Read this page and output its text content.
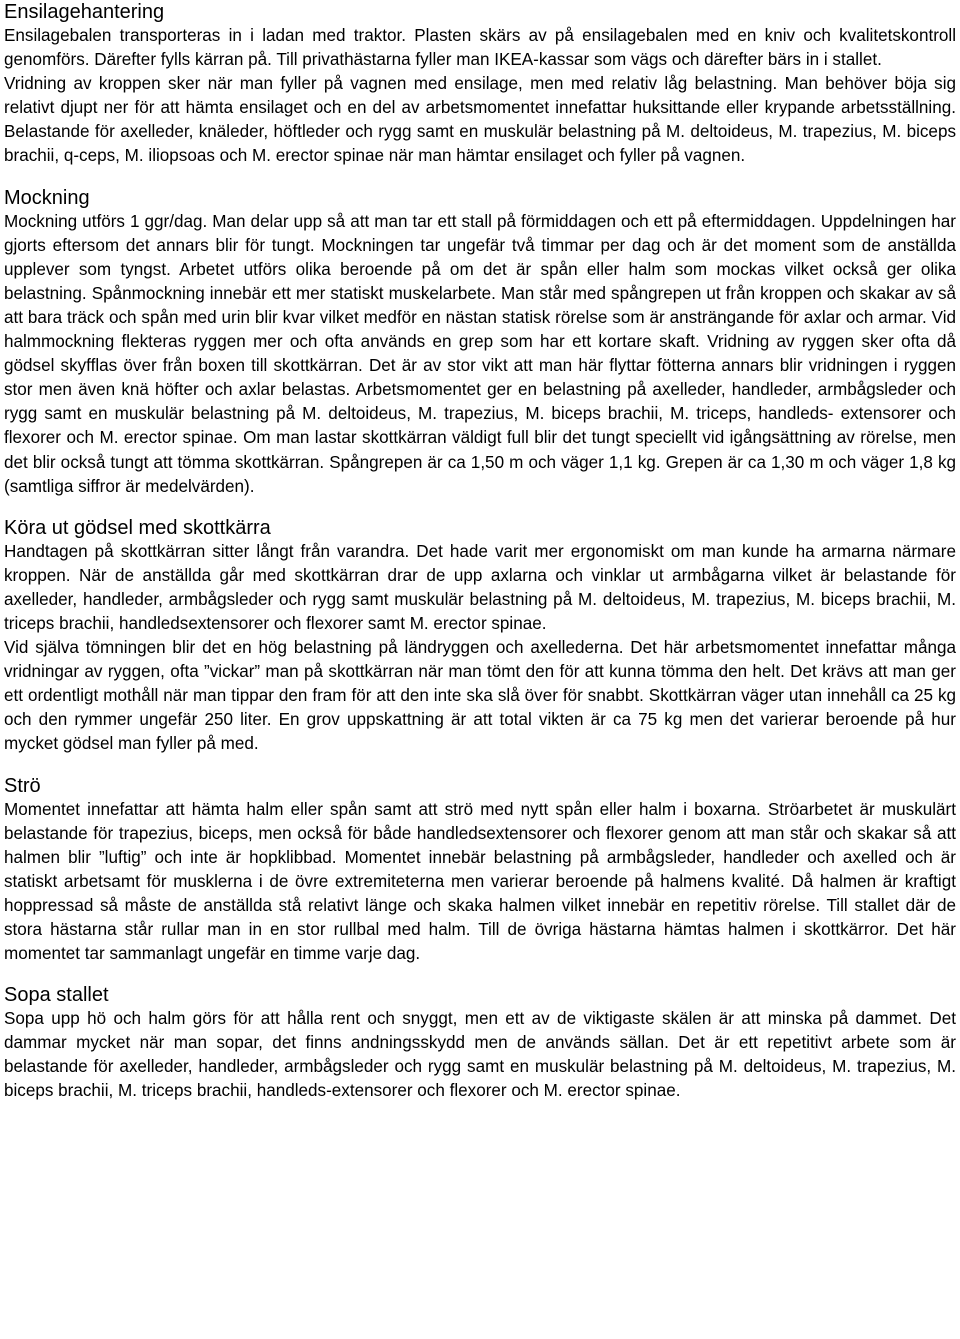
Ensilagehantering

Ensilagebalen transporteras in i ladan med traktor. Plasten skärs av på ensilagebalen med en kniv och kvalitetskontroll genomförs. Därefter fylls kärran på. Till privathästarna fyller man IKEA-kassar som vägs och därefter bärs in i stallet.

Vridning av kroppen sker när man fyller på vagnen med ensilage, men med relativ låg belastning. Man behöver böja sig relativt djupt ner för att hämta ensilaget och en del av arbetsmomentet innefattar huksittande eller krypande arbetsställning. Belastande för axelleder, knäleder, höftleder och rygg samt en muskulär belastning på M. deltoideus, M. trapezius, M. biceps brachii, q-ceps, M. iliopsoas och M. erector spinae när man hämtar ensilaget och fyller på vagnen.

Mockning

Mockning utförs 1 ggr/dag. Man delar upp så att man tar ett stall på förmiddagen och ett på eftermiddagen. Uppdelningen har gjorts eftersom det annars blir för tungt. Mockningen tar ungefär två timmar per dag och är det moment som de anställda upplever som tyngst. Arbetet utförs olika beroende på om det är spån eller halm som mockas vilket också ger olika belastning. Spånmockning innebär ett mer statiskt muskelarbete. Man står med spångrepen ut från kroppen och skakar av så att bara träck och spån med urin blir kvar vilket medför en nästan statisk rörelse som är ansträngande för axlar och armar. Vid halmmockning flekteras ryggen mer och ofta används en grep som har ett kortare skaft. Vridning av ryggen sker ofta då gödsel skyfflas över från boxen till skottkärran. Det är av stor vikt att man här flyttar fötterna annars blir vridningen i ryggen stor men även knä höfter och axlar belastas. Arbetsmomentet ger en belastning på axelleder, handleder, armbågsleder och rygg samt en muskulär belastning på M. deltoideus, M. trapezius, M. biceps brachii, M. triceps, handleds- extensorer och flexorer och M. erector spinae. Om man lastar skottkärran väldigt full blir det tungt speciellt vid igångsättning av rörelse, men det blir också tungt att tömma skottkärran. Spångrepen är ca 1,50 m och väger 1,1 kg. Grepen är ca 1,30 m och väger 1,8 kg (samtliga siffror är medelvärden).

Köra ut gödsel med skottkärra

Handtagen på skottkärran sitter långt från varandra. Det hade varit mer ergonomiskt om man kunde ha armarna närmare kroppen. När de anställda går med skottkärran drar de upp axlarna och vinklar ut armbågarna vilket är belastande för axelleder, handleder, armbågsleder och rygg samt muskulär belastning på M. deltoideus, M. trapezius, M. biceps brachii, M. triceps brachii, handledsextensorer och flexorer samt M. erector spinae.

Vid själva tömningen blir det en hög belastning på ländryggen och axellederna. Det här arbetsmomentet innefattar många vridningar av ryggen, ofta ”vickar” man på skottkärran när man tömt den för att kunna tömma den helt. Det krävs att man ger ett ordentligt mothåll när man tippar den fram för att den inte ska slå över för snabbt. Skottkärran väger utan innehåll ca 25 kg och den rymmer ungefär 250 liter. En grov uppskattning är att total vikten är ca 75 kg men det varierar beroende på hur mycket gödsel man fyller på med.

Strö

Momentet innefattar att hämta halm eller spån samt att strö med nytt spån eller halm i boxarna. Ströarbetet är muskulärt belastande för trapezius, biceps, men också för både handledsextensorer och flexorer genom att man står och skakar så att halmen blir ”luftig” och inte är hopklibbad. Momentet innebär belastning på armbågsleder, handleder och axelled och är statiskt arbetsamt för musklerna i de övre extremiteterna men varierar beroende på halmens kvalité. Då halmen är kraftigt hoppressad så måste de anställda stå relativt länge och skaka halmen vilket innebär en repetitiv rörelse. Till stallet där de stora hästarna står rullar man in en stor rullbal med halm. Till de övriga hästarna hämtas halmen i skottkärror. Det här momentet tar sammanlagt ungefär en timme varje dag.

Sopa stallet

Sopa upp hö och halm görs för att hålla rent och snyggt, men ett av de viktigaste skälen är att minska på dammet. Det dammar mycket när man sopar, det finns andningsskydd men de används sällan. Det är ett repetitivt arbete som är belastande för axelleder, handleder, armbågsleder och rygg samt en muskulär belastning på M. deltoideus, M. trapezius, M. biceps brachii, M. triceps brachii, handleds-extensorer och flexorer och M. erector spinae.
